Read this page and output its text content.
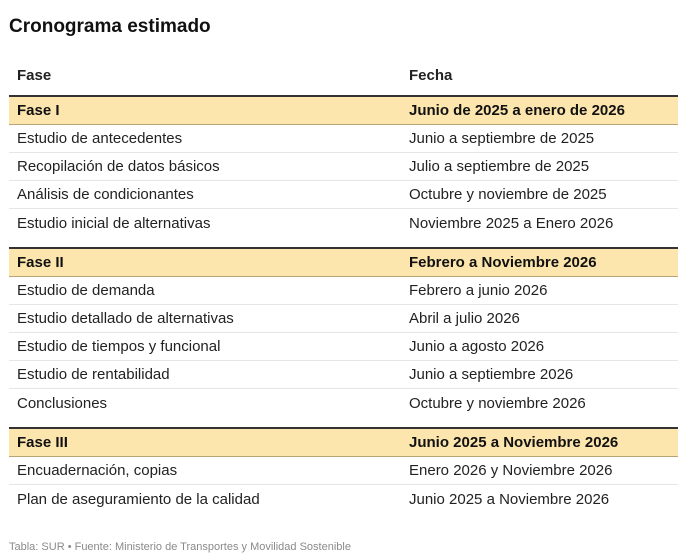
Cronograma estimado
Fase	Fecha
Fase I	Junio de 2025 a enero de 2026
Estudio de antecedentes	Junio a septiembre de 2025
Recopilación de datos básicos	Julio a septiembre de 2025
Análisis de condicionantes	Octubre y noviembre de 2025
Estudio inicial de alternativas	Noviembre 2025 a Enero 2026
Fase II	Febrero a Noviembre 2026
Estudio de demanda	Febrero a junio 2026
Estudio detallado de alternativas	Abril a julio 2026
Estudio de tiempos y funcional	Junio a agosto 2026
Estudio de rentabilidad	Junio a septiembre 2026
Conclusiones	Octubre y noviembre 2026
Fase III	Junio 2025 a Noviembre 2026
Encuadernación, copias	Enero 2026 y Noviembre 2026
Plan de aseguramiento de la calidad	Junio 2025 a Noviembre 2026
Tabla: SUR • Fuente: Ministerio de Transportes y Movilidad Sostenible
